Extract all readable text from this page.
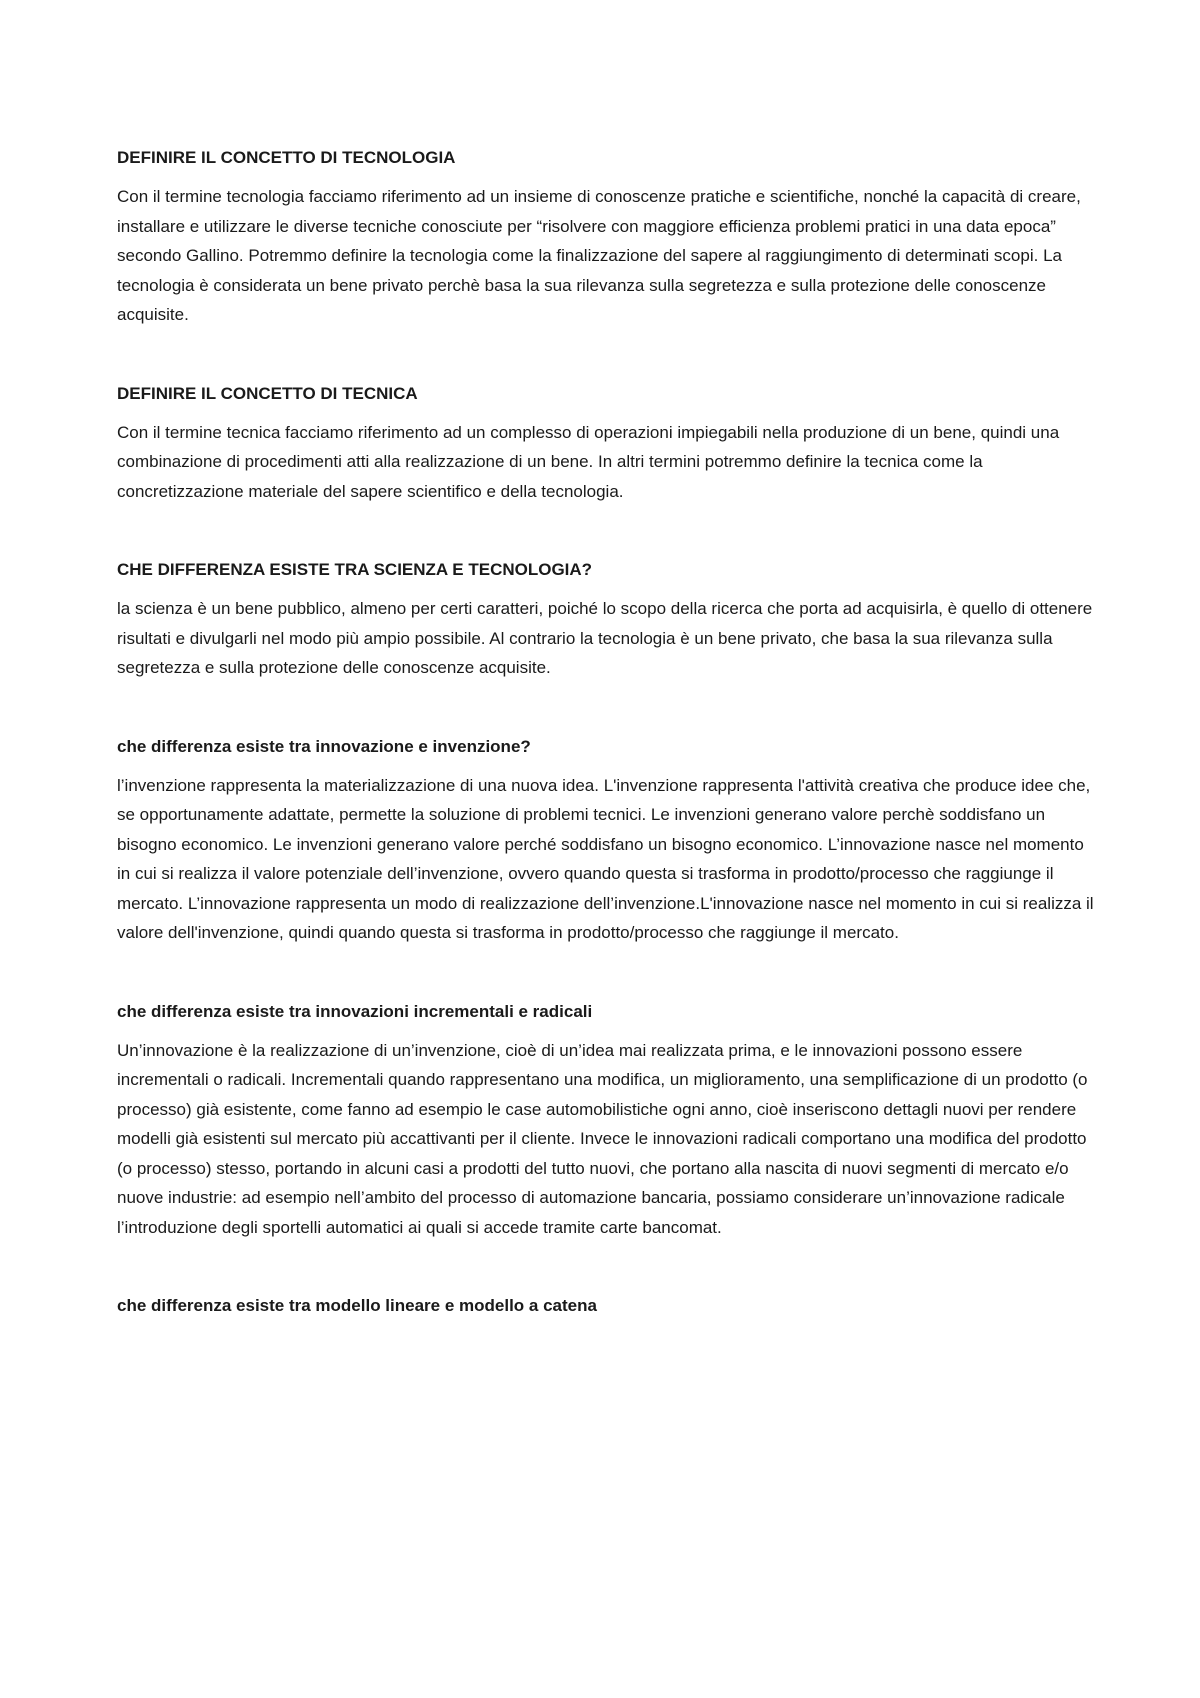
DEFINIRE IL CONCETTO DI TECNOLOGIA

Con il termine tecnologia facciamo riferimento ad un insieme di conoscenze pratiche e scientifiche, nonché la capacità di creare, installare e utilizzare le diverse tecniche conosciute per “risolvere con maggiore efficienza problemi pratici in una data epoca” secondo Gallino. Potremmo definire la tecnologia come la finalizzazione del sapere al raggiungimento di determinati scopi. La tecnologia è considerata un bene privato perchè basa la sua rilevanza sulla segretezza e sulla protezione delle conoscenze acquisite.

DEFINIRE IL CONCETTO DI TECNICA

Con il termine tecnica facciamo riferimento ad un complesso di operazioni impiegabili nella produzione di un bene, quindi una combinazione di procedimenti atti alla realizzazione di un bene. In altri termini potremmo definire la tecnica come la concretizzazione materiale del sapere scientifico e della tecnologia.

CHE DIFFERENZA ESISTE TRA SCIENZA E TECNOLOGIA?

la scienza è un bene pubblico, almeno per certi caratteri, poiché lo scopo della ricerca che porta ad acquisirla, è quello di ottenere risultati e divulgarli nel modo più ampio possibile. Al contrario la tecnologia è un bene privato, che basa la sua rilevanza sulla segretezza e sulla protezione delle conoscenze acquisite.

che differenza esiste tra innovazione e invenzione?

l’invenzione rappresenta la materializzazione di una nuova idea. L'invenzione rappresenta l'attività creativa che produce idee che, se opportunamente adattate, permette la soluzione di problemi tecnici. Le invenzioni generano valore perchè soddisfano un bisogno economico. Le invenzioni generano valore perché soddisfano un bisogno economico. L’innovazione nasce nel momento in cui si realizza il valore potenziale dell’invenzione, ovvero quando questa si trasforma in prodotto/processo che raggiunge il mercato. L’innovazione rappresenta un modo di realizzazione dell’invenzione.L'innovazione nasce nel momento in cui si realizza il valore dell'invenzione, quindi quando questa si trasforma in prodotto/processo che raggiunge il mercato.

che differenza esiste tra innovazioni incrementali e radicali

Un’innovazione è la realizzazione di un’invenzione, cioè di un’idea mai realizzata prima, e le innovazioni possono essere incrementali o radicali. Incrementali quando rappresentano una modifica, un miglioramento, una semplificazione di un prodotto (o processo) già esistente, come fanno ad esempio le case automobilistiche ogni anno, cioè inseriscono dettagli nuovi per rendere modelli già esistenti sul mercato più accattivanti per il cliente. Invece le innovazioni radicali comportano una modifica del prodotto (o processo) stesso, portando in alcuni casi a prodotti del tutto nuovi, che portano alla nascita di nuovi segmenti di mercato e/o nuove industrie: ad esempio nell’ambito del processo di automazione bancaria, possiamo considerare un’innovazione radicale l’introduzione degli sportelli automatici ai quali si accede tramite carte bancomat.

che differenza esiste tra modello lineare e modello a catena
